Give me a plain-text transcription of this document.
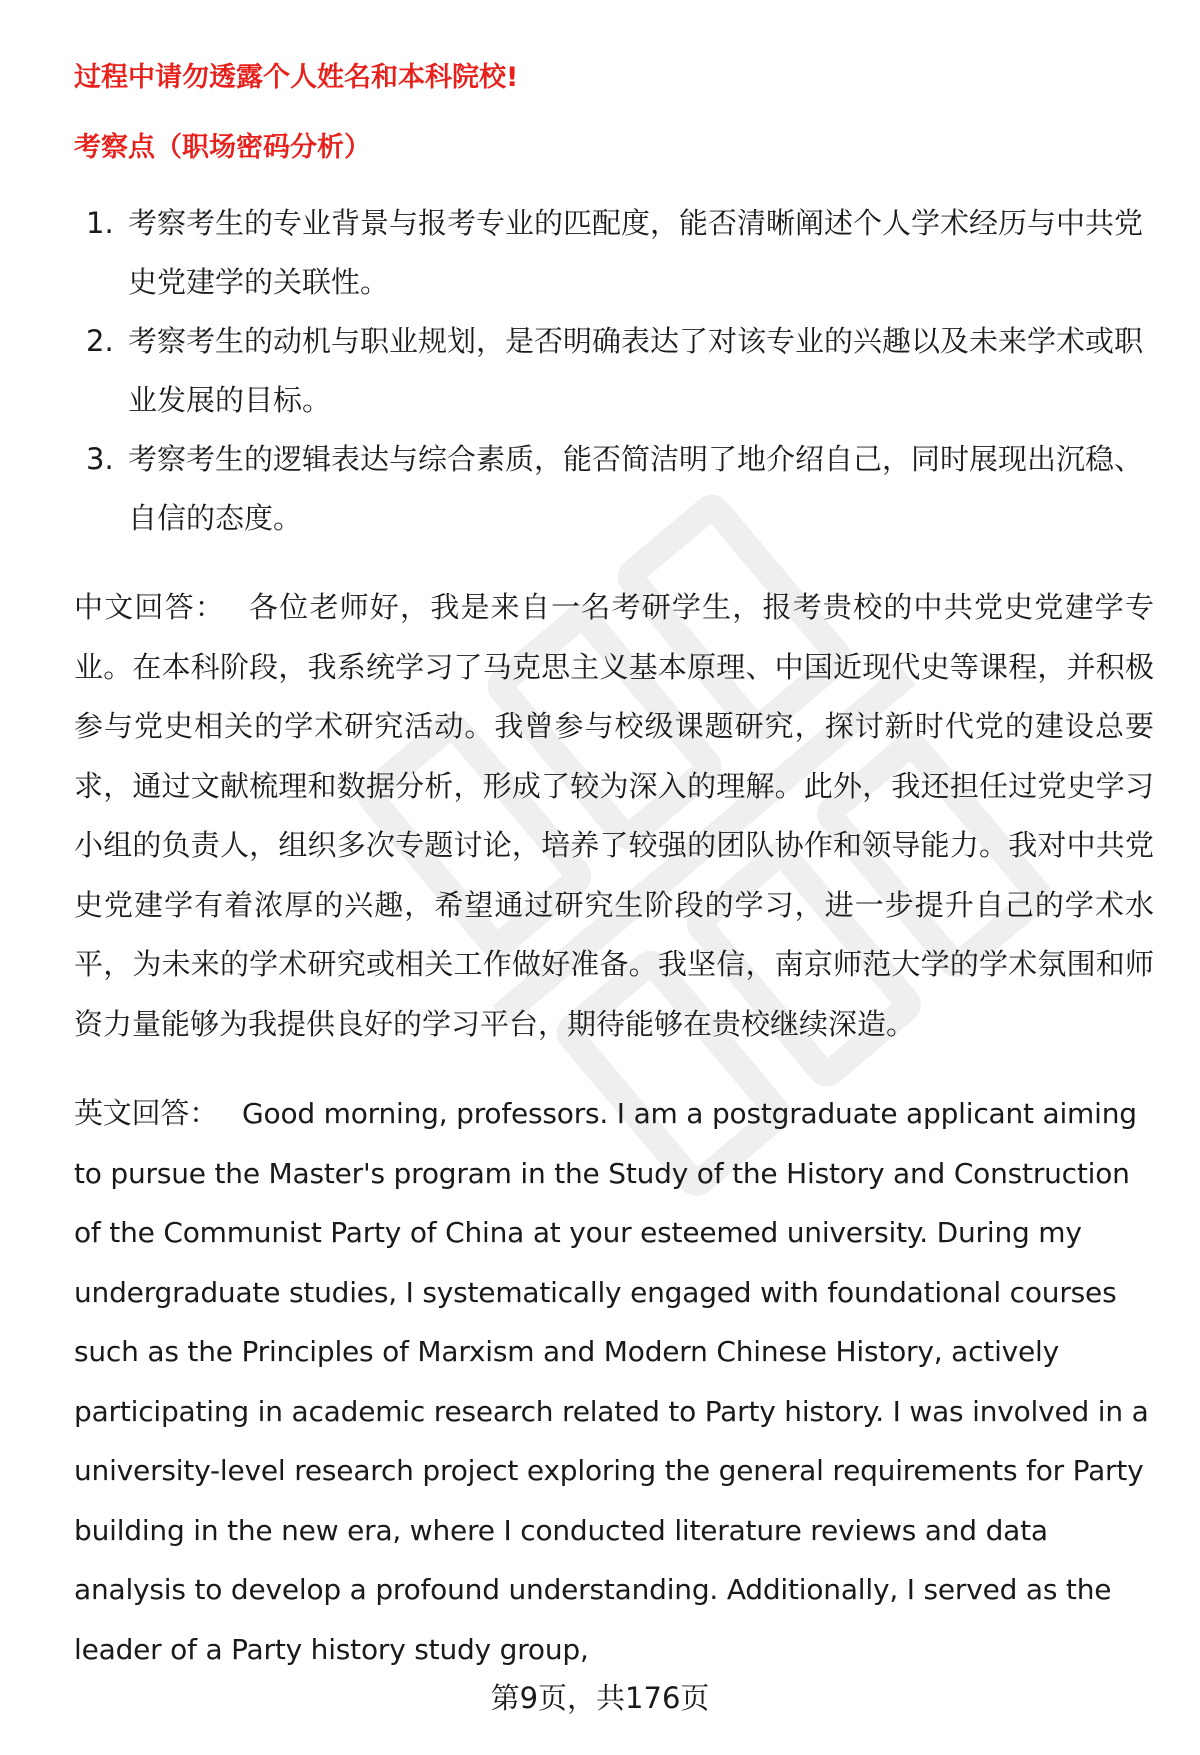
过程中请勿透露个人姓名和本科院校!

考察点（职场密码分析）

1. 考察考生的专业背景与报考专业的匹配度，能否清晰阐述个人学术经历与中共党史党建学的关联性。
2. 考察考生的动机与职业规划，是否明确表达了对该专业的兴趣以及未来学术或职业发展的目标。
3. 考察考生的逻辑表达与综合素质，能否简洁明了地介绍自己，同时展现出沉稳、自信的态度。

中文回答： 各位老师好，我是来自一名考研学生，报考贵校的中共党史党建学专业。在本科阶段，我系统学习了马克思主义基本原理、中国近现代史等课程，并积极参与党史相关的学术研究活动。我曾参与校级课题研究，探讨新时代党的建设总要求，通过文献梳理和数据分析，形成了较为深入的理解。此外，我还担任过党史学习小组的负责人，组织多次专题讨论，培养了较强的团队协作和领导能力。我对中共党史党建学有着浓厚的兴趣，希望通过研究生阶段的学习，进一步提升自己的学术水平，为未来的学术研究或相关工作做好准备。我坚信，南京师范大学的学术氛围和师资力量能够为我提供良好的学习平台，期待能够在贵校继续深造。

英文回答： Good morning, professors. I am a postgraduate applicant aiming to pursue the Master's program in the Study of the History and Construction of the Communist Party of China at your esteemed university. During my undergraduate studies, I systematically engaged with foundational courses such as the Principles of Marxism and Modern Chinese History, actively participating in academic research related to Party history. I was involved in a university-level research project exploring the general requirements for Party building in the new era, where I conducted literature reviews and data analysis to develop a profound understanding. Additionally, I served as the leader of a Party history study group,

第9页，共176页
